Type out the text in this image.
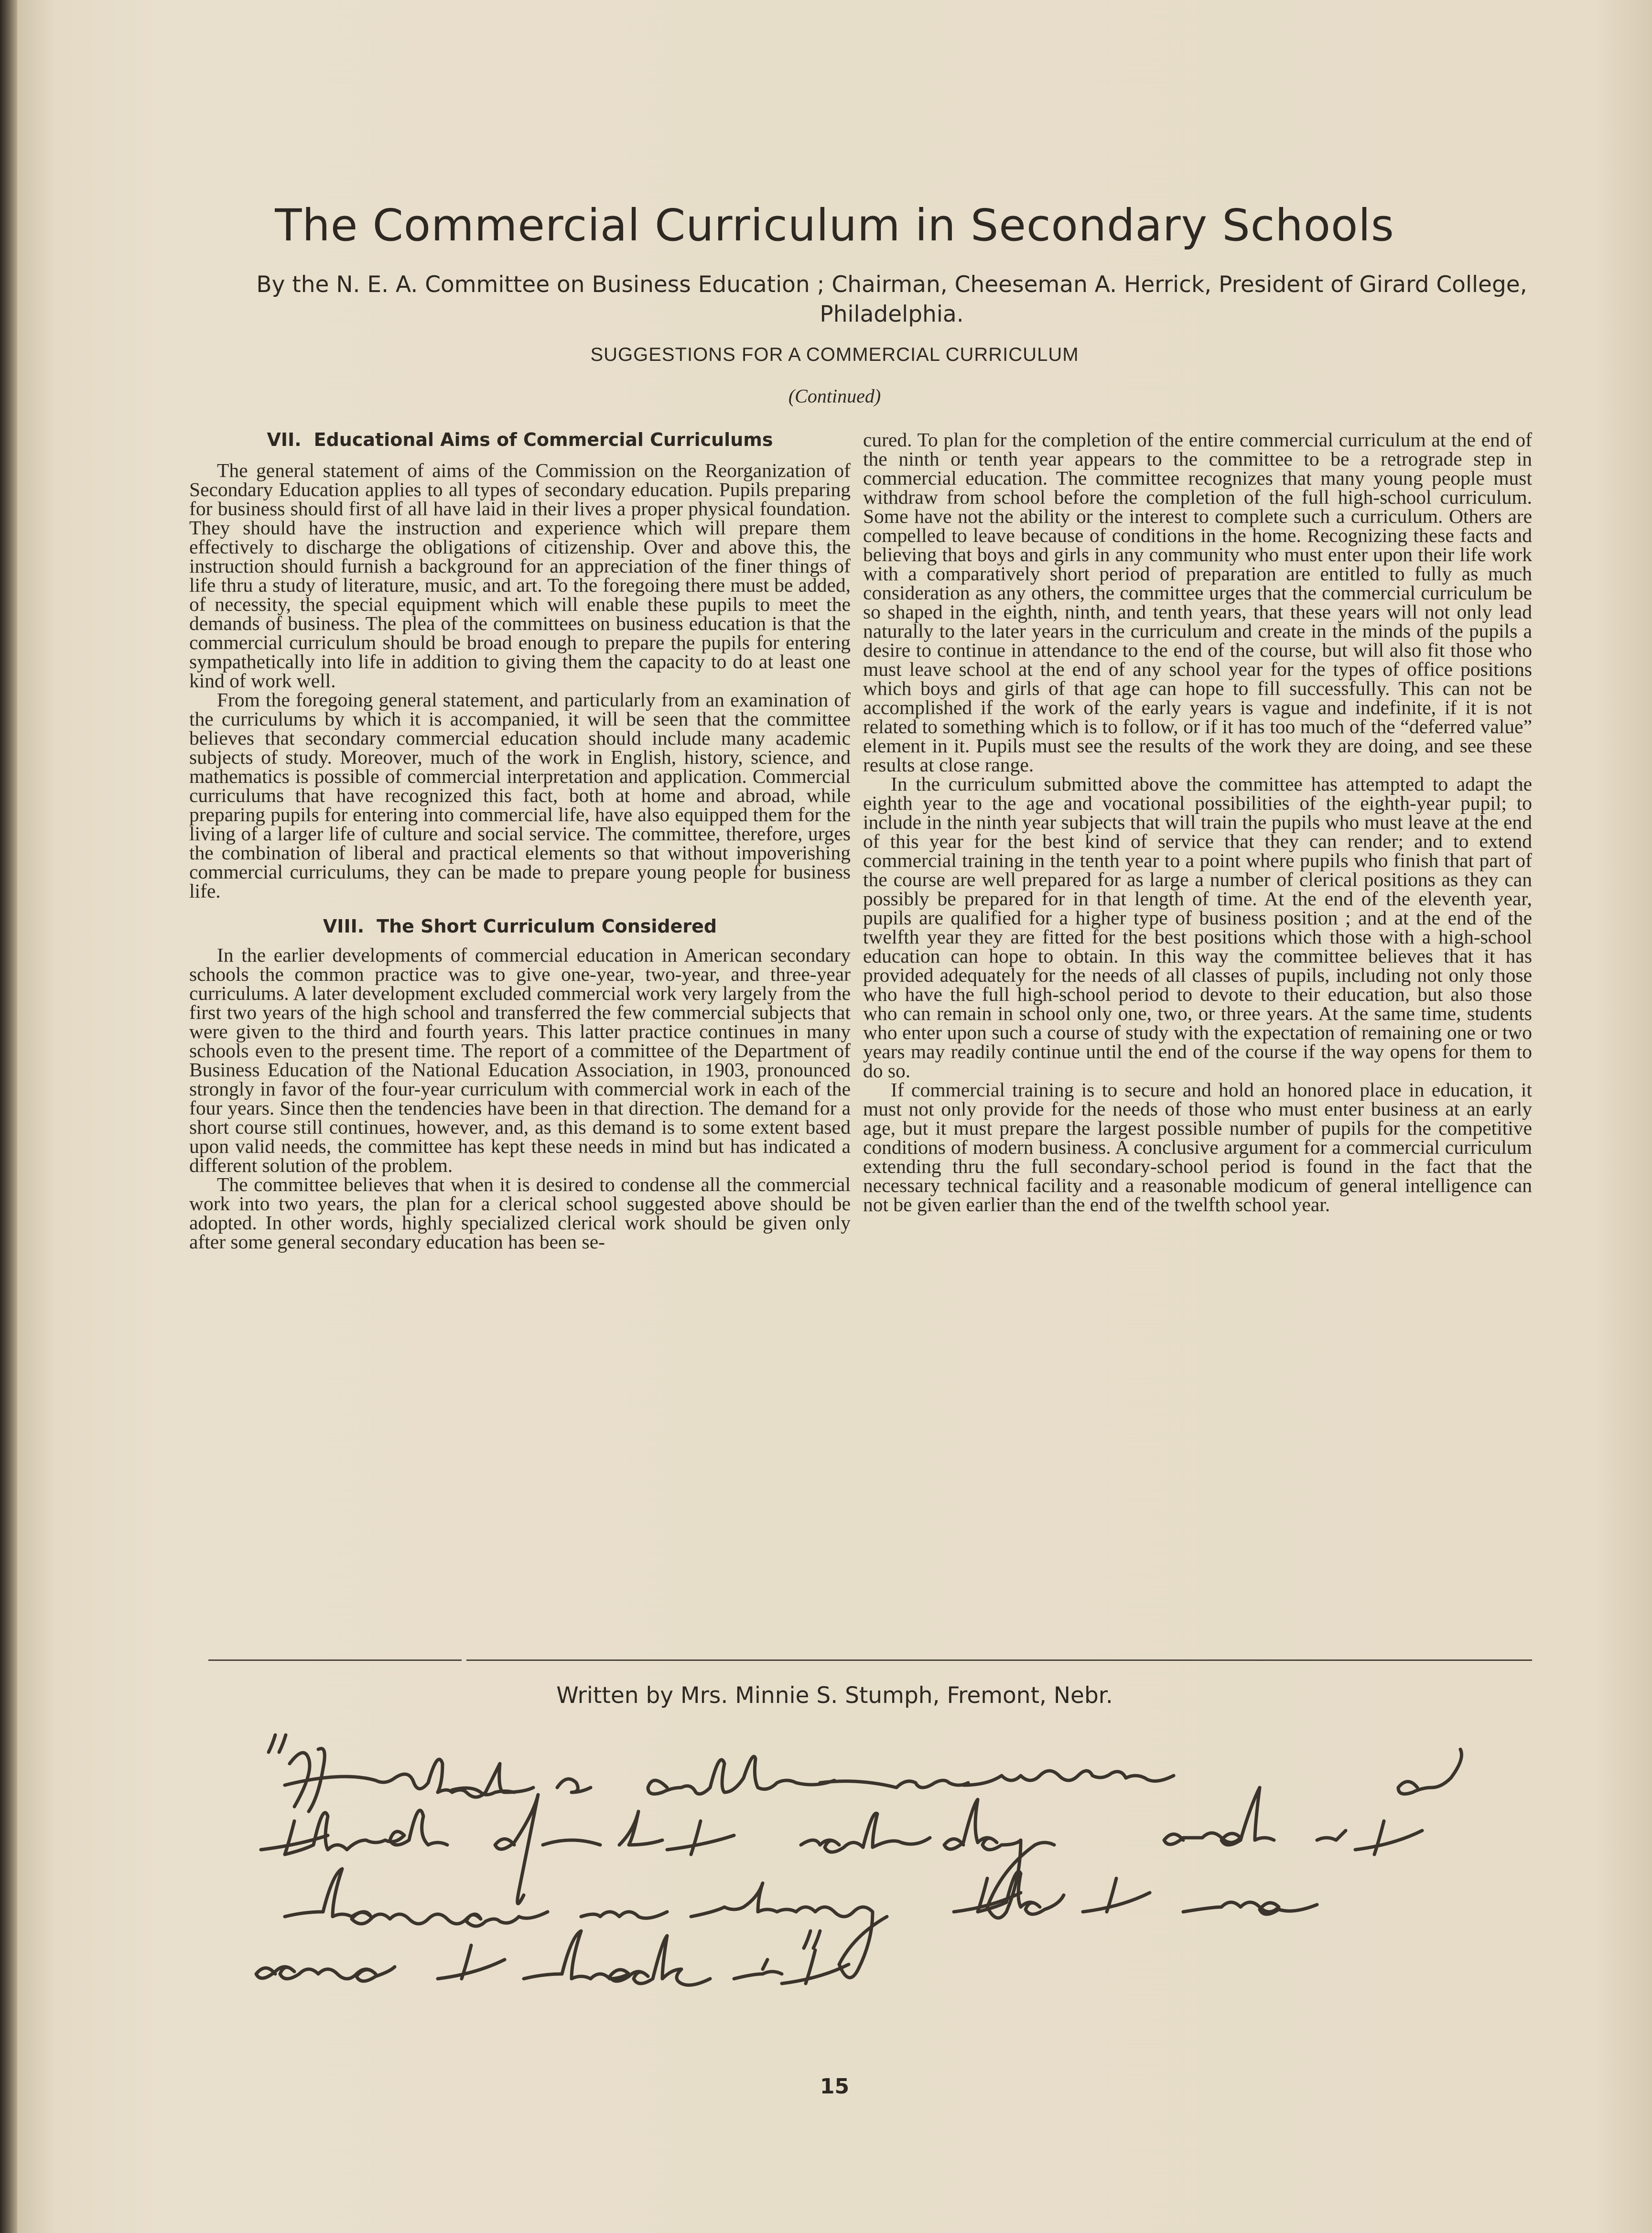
The Commercial Curriculum in Secondary Schools
By the N. E. A. Committee on Business Education ; Chairman, Cheeseman A. Herrick, President of Girard College, Philadelphia.
SUGGESTIONS FOR A COMMERCIAL CURRICULUM
(Continued)
VII. Educational Aims of Commercial Curriculums

The general statement of aims of the Commission on the Reorganization of Secondary Education applies to all types of secondary education. Pupils preparing for business should first of all have laid in their lives a proper physical foundation. They should have the instruction and experience which will prepare them effectively to discharge the obligations of citizenship. Over and above this, the instruction should furnish a background for an appreciation of the finer things of life thru a study of literature, music, and art. To the foregoing there must be added, of necessity, the special equipment which will enable these pupils to meet the demands of business. The plea of the committees on business education is that the commercial curriculum should be broad enough to prepare the pupils for entering sympathetically into life in addition to giving them the capacity to do at least one kind of work well.

From the foregoing general statement, and particularly from an examination of the curriculums by which it is accompanied, it will be seen that the committee believes that secondary commercial education should include many academic subjects of study. Moreover, much of the work in English, history, science, and mathematics is possible of commercial interpretation and application. Commercial curriculums that have recognized this fact, both at home and abroad, while preparing pupils for entering into commercial life, have also equipped them for the living of a larger life of culture and social service. The committee, therefore, urges the combination of liberal and practical elements so that without impoverishing commercial curriculums, they can be made to prepare young people for business life.

VIII. The Short Curriculum Considered

In the earlier developments of commercial education in American secondary schools the common practice was to give one-year, two-year, and three-year curriculums. A later development excluded commercial work very largely from the first two years of the high school and transferred the few commercial subjects that were given to the third and fourth years. This latter practice continues in many schools even to the present time. The report of a committee of the Department of Business Education of the National Education Association, in 1903, pronounced strongly in favor of the four-year curriculum with commercial work in each of the four years. Since then the tendencies have been in that direction. The demand for a short course still continues, however, and, as this demand is to some extent based upon valid needs, the committee has kept these needs in mind but has indicated a different solution of the problem.

The committee believes that when it is desired to condense all the commercial work into two years, the plan for a clerical school suggested above should be adopted. In other words, highly specialized clerical work should be given only after some general secondary education has been se-

cured. To plan for the completion of the entire commercial curriculum at the end of the ninth or tenth year appears to the committee to be a retrograde step in commercial education. The committee recognizes that many young people must withdraw from school before the completion of the full high-school curriculum. Some have not the ability or the interest to complete such a curriculum. Others are compelled to leave because of conditions in the home. Recognizing these facts and believing that boys and girls in any community who must enter upon their life work with a comparatively short period of preparation are entitled to fully as much consideration as any others, the committee urges that the commercial curriculum be so shaped in the eighth, ninth, and tenth years, that these years will not only lead naturally to the later years in the curriculum and create in the minds of the pupils a desire to continue in attendance to the end of the course, but will also fit those who must leave school at the end of any school year for the types of office positions which boys and girls of that age can hope to fill successfully. This can not be accomplished if the work of the early years is vague and indefinite, if it is not related to something which is to follow, or if it has too much of the “deferred value” element in it. Pupils must see the results of the work they are doing, and see these results at close range.

In the curriculum submitted above the committee has attempted to adapt the eighth year to the age and vocational possibilities of the eighth-year pupil; to include in the ninth year subjects that will train the pupils who must leave at the end of this year for the best kind of service that they can render; and to extend commercial training in the tenth year to a point where pupils who finish that part of the course are well prepared for as large a number of clerical positions as they can possibly be prepared for in that length of time. At the end of the eleventh year, pupils are qualified for a higher type of business position ; and at the end of the twelfth year they are fitted for the best positions which those with a high-school education can hope to obtain. In this way the committee believes that it has provided adequately for the needs of all classes of pupils, including not only those who have the full high-school period to devote to their education, but also those who can remain in school only one, two, or three years. At the same time, students who enter upon such a course of study with the expectation of remaining one or two years may readily continue until the end of the course if the way opens for them to do so.

If commercial training is to secure and hold an honored place in education, it must not only provide for the needs of those who must enter business at an early age, but it must prepare the largest possible number of pupils for the competitive conditions of modern business. A conclusive argument for a commercial curriculum extending thru the full secondary-school period is found in the fact that the necessary technical facility and a reasonable modicum of general intelligence can not be given earlier than the end of the twelfth school year.

Written by Mrs. Minnie S. Stumph, Fremont, Nebr.
15
